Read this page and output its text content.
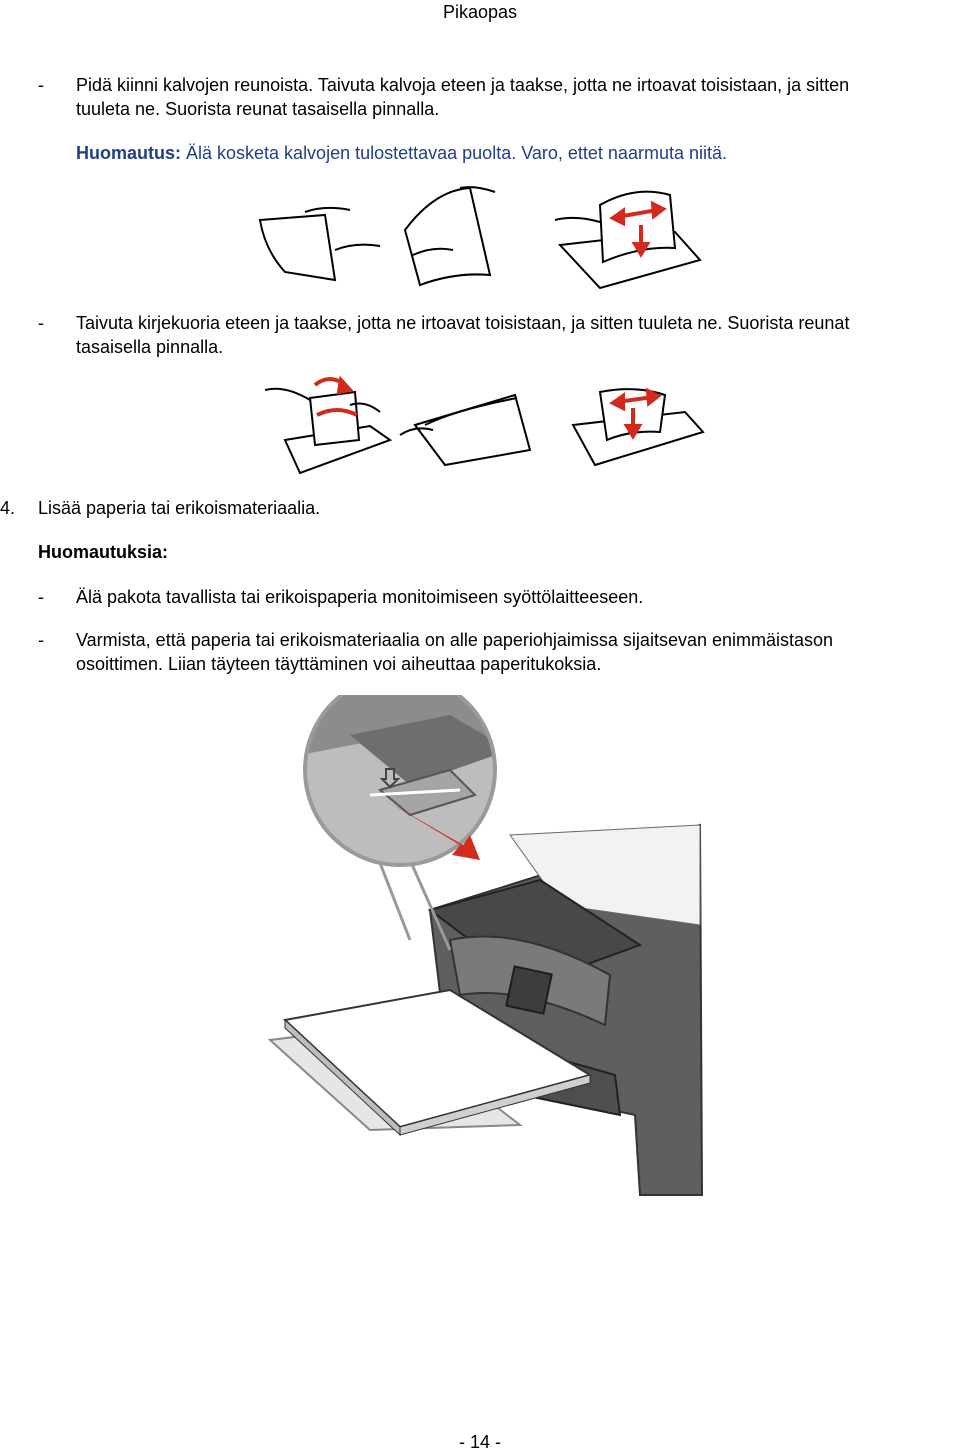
Pikaopas
- Pidä kiinni kalvojen reunoista. Taivuta kalvoja eteen ja taakse, jotta ne irtoavat toisistaan, ja sitten
tuuleta ne. Suorista reunat tasaisella pinnalla.
Huomautus: Älä kosketa kalvojen tulostettavaa puolta. Varo, ettet naarmuta niitä.
- Taivuta kirjekuoria eteen ja taakse, jotta ne irtoavat toisistaan, ja sitten tuuleta ne. Suorista reunat
tasaisella pinnalla.
4. Lisää paperia tai erikoismateriaalia.
Huomautuksia:
- Älä pakota tavallista tai erikoispaperia monitoimiseen syöttölaitteeseen.
- Varmista, että paperia tai erikoismateriaalia on alle paperiohjaimissa sijaitsevan enimmäistason
osoittimen. Liian täyteen täyttäminen voi aiheuttaa paperitukoksia.
- 14 -
